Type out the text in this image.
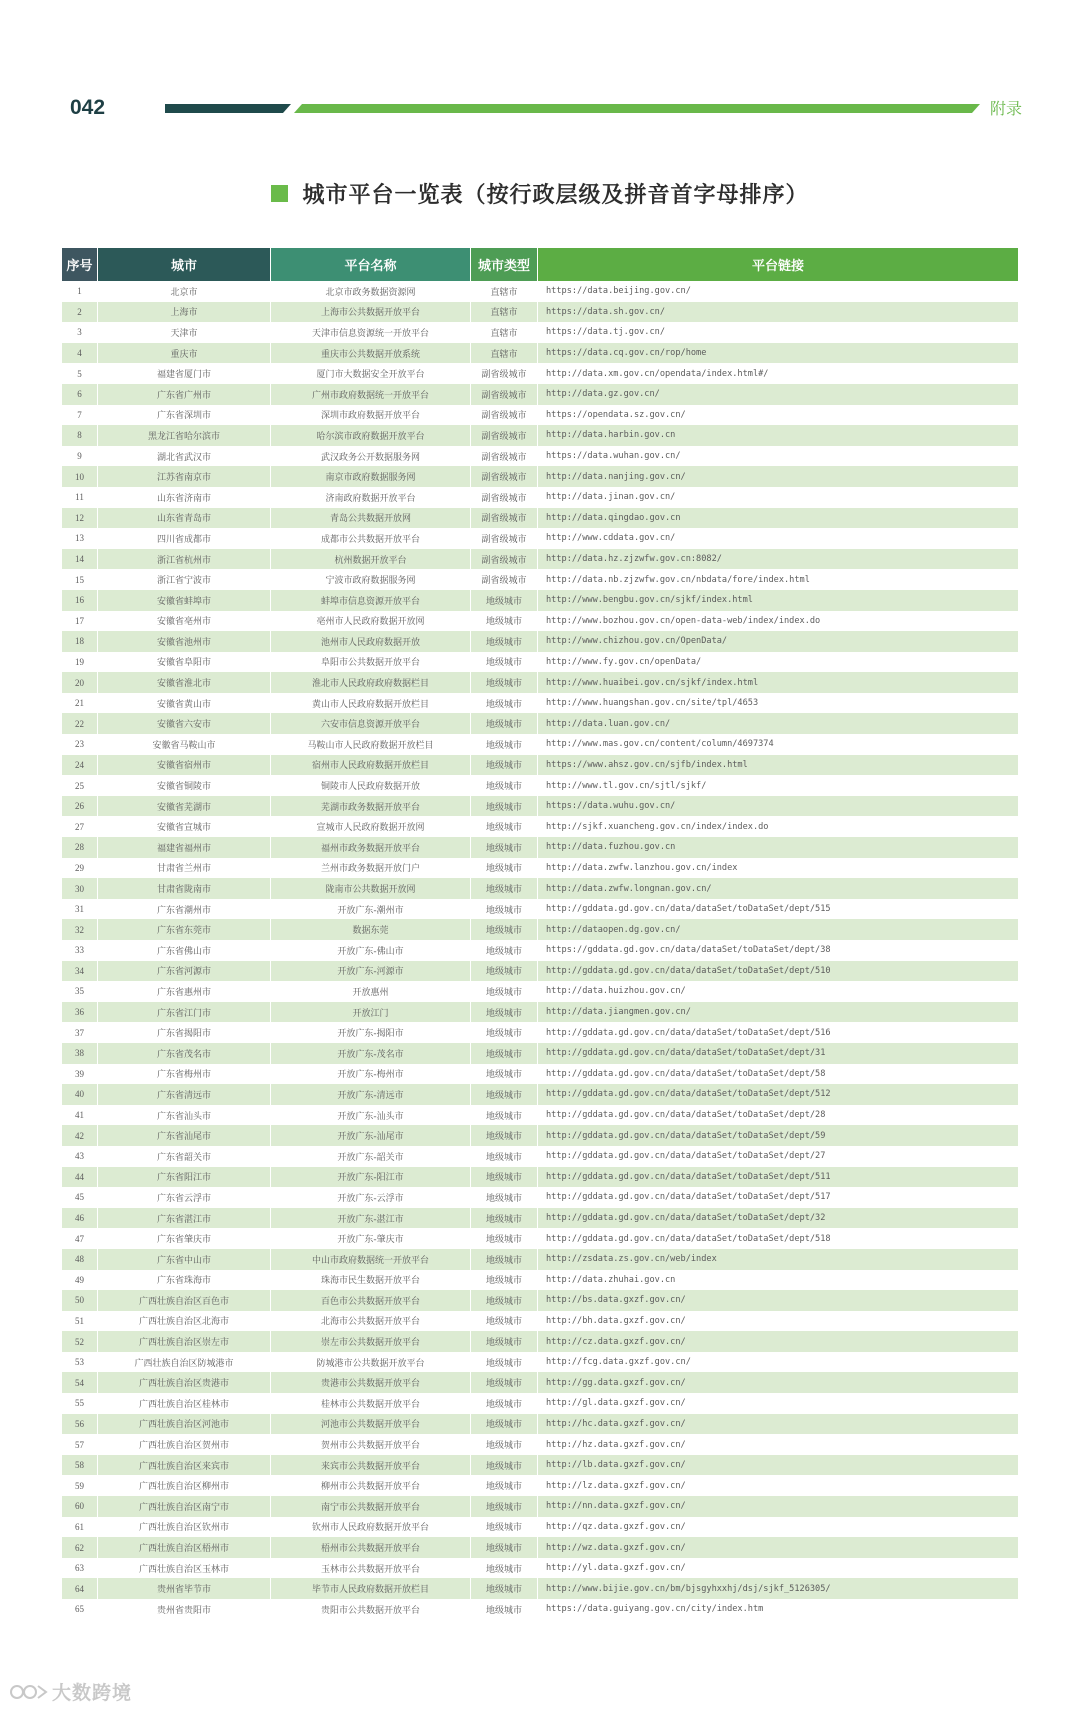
042	附录
城市平台一览表（按行政层级及拼音首字母排序）
序号	城市	平台名称	城市类型	平台链接
1	北京市	北京市政务数据资源网	直辖市	https://data.beijing.gov.cn/
2	上海市	上海市公共数据开放平台	直辖市	https://data.sh.gov.cn/
3	天津市	天津市信息资源统一开放平台	直辖市	https://data.tj.gov.cn/
4	重庆市	重庆市公共数据开放系统	直辖市	https://data.cq.gov.cn/rop/home
5	福建省厦门市	厦门市大数据安全开放平台	副省级城市	http://data.xm.gov.cn/opendata/index.html#/
6	广东省广州市	广州市政府数据统一开放平台	副省级城市	http://data.gz.gov.cn/
7	广东省深圳市	深圳市政府数据开放平台	副省级城市	https://opendata.sz.gov.cn/
8	黑龙江省哈尔滨市	哈尔滨市政府数据开放平台	副省级城市	http://data.harbin.gov.cn
9	湖北省武汉市	武汉政务公开数据服务网	副省级城市	https://data.wuhan.gov.cn/
10	江苏省南京市	南京市政府数据服务网	副省级城市	http://data.nanjing.gov.cn/
11	山东省济南市	济南政府数据开放平台	副省级城市	http://data.jinan.gov.cn/
12	山东省青岛市	青岛公共数据开放网	副省级城市	http://data.qingdao.gov.cn
13	四川省成都市	成都市公共数据开放平台	副省级城市	http://www.cddata.gov.cn/
14	浙江省杭州市	杭州数据开放平台	副省级城市	http://data.hz.zjzwfw.gov.cn:8082/
15	浙江省宁波市	宁波市政府数据服务网	副省级城市	http://data.nb.zjzwfw.gov.cn/nbdata/fore/index.html
16	安徽省蚌埠市	蚌埠市信息资源开放平台	地级城市	http://www.bengbu.gov.cn/sjkf/index.html
17	安徽省亳州市	亳州市人民政府数据开放网	地级城市	http://www.bozhou.gov.cn/open-data-web/index/index.do
18	安徽省池州市	池州市人民政府数据开放	地级城市	http://www.chizhou.gov.cn/OpenData/
19	安徽省阜阳市	阜阳市公共数据开放平台	地级城市	http://www.fy.gov.cn/openData/
20	安徽省淮北市	淮北市人民政府政府数据栏目	地级城市	http://www.huaibei.gov.cn/sjkf/index.html
21	安徽省黄山市	黄山市人民政府数据开放栏目	地级城市	http://www.huangshan.gov.cn/site/tpl/4653
22	安徽省六安市	六安市信息资源开放平台	地级城市	http://data.luan.gov.cn/
23	安徽省马鞍山市	马鞍山市人民政府数据开放栏目	地级城市	http://www.mas.gov.cn/content/column/4697374
24	安徽省宿州市	宿州市人民政府数据开放栏目	地级城市	https://www.ahsz.gov.cn/sjfb/index.html
25	安徽省铜陵市	铜陵市人民政府数据开放	地级城市	http://www.tl.gov.cn/sjtl/sjkf/
26	安徽省芜湖市	芜湖市政务数据开放平台	地级城市	https://data.wuhu.gov.cn/
27	安徽省宣城市	宣城市人民政府数据开放网	地级城市	http://sjkf.xuancheng.gov.cn/index/index.do
28	福建省福州市	福州市政务数据开放平台	地级城市	http://data.fuzhou.gov.cn
29	甘肃省兰州市	兰州市政务数据开放门户	地级城市	http://data.zwfw.lanzhou.gov.cn/index
30	甘肃省陇南市	陇南市公共数据开放网	地级城市	http://data.zwfw.longnan.gov.cn/
31	广东省潮州市	开放广东-潮州市	地级城市	http://gddata.gd.gov.cn/data/dataSet/toDataSet/dept/515
32	广东省东莞市	数据东莞	地级城市	http://dataopen.dg.gov.cn/
33	广东省佛山市	开放广东-佛山市	地级城市	https://gddata.gd.gov.cn/data/dataSet/toDataSet/dept/38
34	广东省河源市	开放广东-河源市	地级城市	http://gddata.gd.gov.cn/data/dataSet/toDataSet/dept/510
35	广东省惠州市	开放惠州	地级城市	http://data.huizhou.gov.cn/
36	广东省江门市	开放江门	地级城市	http://data.jiangmen.gov.cn/
37	广东省揭阳市	开放广东-揭阳市	地级城市	http://gddata.gd.gov.cn/data/dataSet/toDataSet/dept/516
38	广东省茂名市	开放广东-茂名市	地级城市	http://gddata.gd.gov.cn/data/dataSet/toDataSet/dept/31
39	广东省梅州市	开放广东-梅州市	地级城市	http://gddata.gd.gov.cn/data/dataSet/toDataSet/dept/58
40	广东省清远市	开放广东-清远市	地级城市	http://gddata.gd.gov.cn/data/dataSet/toDataSet/dept/512
41	广东省汕头市	开放广东-汕头市	地级城市	http://gddata.gd.gov.cn/data/dataSet/toDataSet/dept/28
42	广东省汕尾市	开放广东-汕尾市	地级城市	http://gddata.gd.gov.cn/data/dataSet/toDataSet/dept/59
43	广东省韶关市	开放广东-韶关市	地级城市	http://gddata.gd.gov.cn/data/dataSet/toDataSet/dept/27
44	广东省阳江市	开放广东-阳江市	地级城市	http://gddata.gd.gov.cn/data/dataSet/toDataSet/dept/511
45	广东省云浮市	开放广东-云浮市	地级城市	http://gddata.gd.gov.cn/data/dataSet/toDataSet/dept/517
46	广东省湛江市	开放广东-湛江市	地级城市	http://gddata.gd.gov.cn/data/dataSet/toDataSet/dept/32
47	广东省肇庆市	开放广东-肇庆市	地级城市	http://gddata.gd.gov.cn/data/dataSet/toDataSet/dept/518
48	广东省中山市	中山市政府数据统一开放平台	地级城市	http://zsdata.zs.gov.cn/web/index
49	广东省珠海市	珠海市民生数据开放平台	地级城市	http://data.zhuhai.gov.cn
50	广西壮族自治区百色市	百色市公共数据开放平台	地级城市	http://bs.data.gxzf.gov.cn/
51	广西壮族自治区北海市	北海市公共数据开放平台	地级城市	http://bh.data.gxzf.gov.cn/
52	广西壮族自治区崇左市	崇左市公共数据开放平台	地级城市	http://cz.data.gxzf.gov.cn/
53	广西壮族自治区防城港市	防城港市公共数据开放平台	地级城市	http://fcg.data.gxzf.gov.cn/
54	广西壮族自治区贵港市	贵港市公共数据开放平台	地级城市	http://gg.data.gxzf.gov.cn/
55	广西壮族自治区桂林市	桂林市公共数据开放平台	地级城市	http://gl.data.gxzf.gov.cn/
56	广西壮族自治区河池市	河池市公共数据开放平台	地级城市	http://hc.data.gxzf.gov.cn/
57	广西壮族自治区贺州市	贺州市公共数据开放平台	地级城市	http://hz.data.gxzf.gov.cn/
58	广西壮族自治区来宾市	来宾市公共数据开放平台	地级城市	http://lb.data.gxzf.gov.cn/
59	广西壮族自治区柳州市	柳州市公共数据开放平台	地级城市	http://lz.data.gxzf.gov.cn/
60	广西壮族自治区南宁市	南宁市公共数据开放平台	地级城市	http://nn.data.gxzf.gov.cn/
61	广西壮族自治区钦州市	钦州市人民政府数据开放平台	地级城市	http://qz.data.gxzf.gov.cn/
62	广西壮族自治区梧州市	梧州市公共数据开放平台	地级城市	http://wz.data.gxzf.gov.cn/
63	广西壮族自治区玉林市	玉林市公共数据开放平台	地级城市	http://yl.data.gxzf.gov.cn/
64	贵州省毕节市	毕节市人民政府数据开放栏目	地级城市	http://www.bijie.gov.cn/bm/bjsgyhxxhj/dsj/sjkf_5126305/
65	贵州省贵阳市	贵阳市公共数据开放平台	地级城市	https://data.guiyang.gov.cn/city/index.htm
大数跨境
